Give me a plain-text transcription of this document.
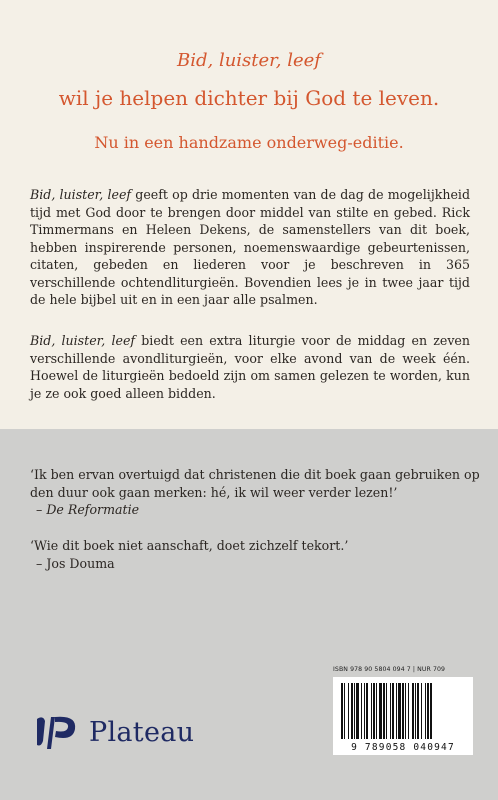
Bid, luister, leef
wil je helpen dichter bij God te leven.
Nu in een handzame onderweg-editie.
Bid, luister, leef geeft op drie momenten van de dag de mogelijkheid tijd met God door te brengen door middel van stilte en gebed. Rick Timmermans en Heleen Dekens, de samenstellers van dit boek, hebben inspirerende personen, noemenswaardige gebeurtenissen, citaten, gebeden en liederen voor je beschreven in 365 verschillende ochtendliturgieën. Bovendien lees je in twee jaar tijd de hele bijbel uit en in een jaar alle psalmen.
Bid, luister, leef biedt een extra liturgie voor de middag en zeven verschillende avondliturgieën, voor elke avond van de week één. Hoewel de liturgieën bedoeld zijn om samen gelezen te worden, kun je ze ook goed alleen bidden.
‘Ik ben ervan overtuigd dat christenen die dit boek gaan gebruiken op den duur ook gaan merken: hé, ik wil weer verder lezen!’
– De Reformatie
‘Wie dit boek niet aanschaft, doet zichzelf tekort.’
– Jos Douma
ISBN 978 90 5804 094 7 | NUR 709
9 789058 040947
Plateau
